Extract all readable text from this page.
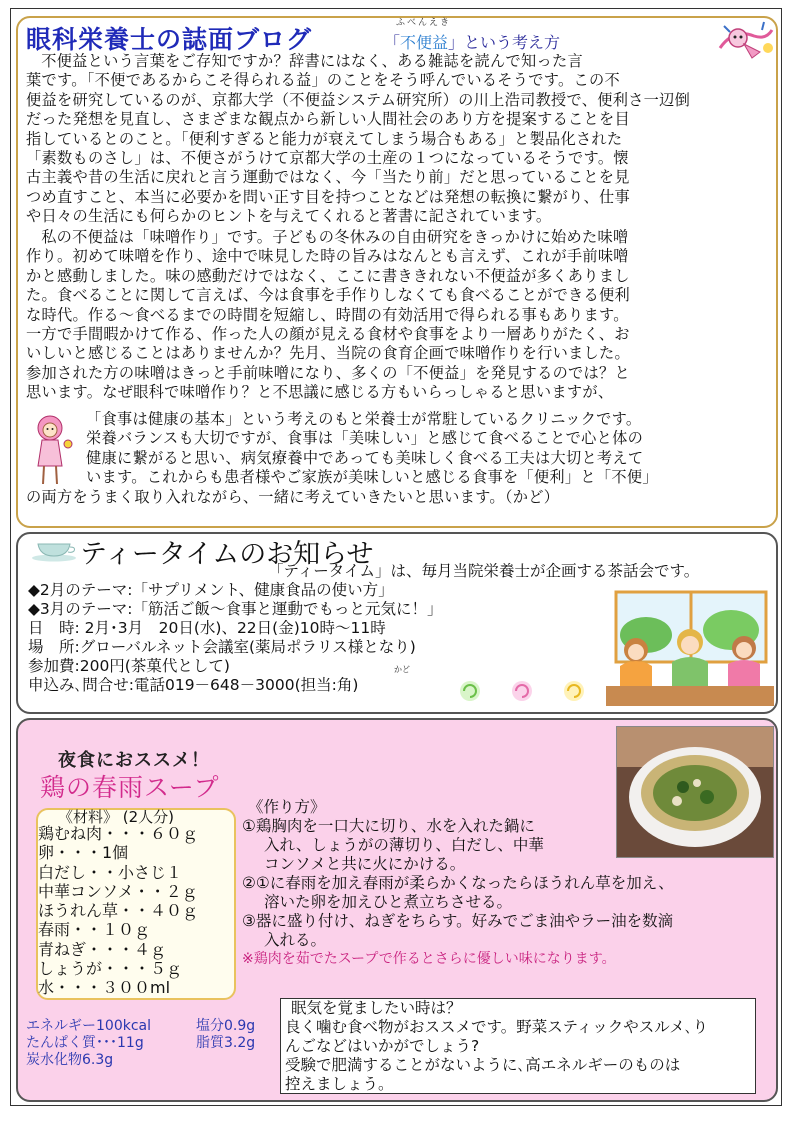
眼科栄養士の誌面ブログ
ふべんえき
「不便益」という考え方

不便益という言葉をご存知ですか？辞書にはなく、ある雑誌を読んで知った言

葉です。「不便であるからこそ得られる益」のことをそう呼んでいるそうです。この不
便益を研究しているのが、京都大学（不便益システム研究所）の川上浩司教授で、便利さ一辺倒
だった発想を見直し、さまざまな観点から新しい人間社会のあり方を提案することを目
指しているとのこと。「便利すぎると能力が衰えてしまう場合もある」と製品化された
「素数ものさし」は、不便さがうけて京都大学の土産の１つになっているそうです。懐
古主義や昔の生活に戻れと言う運動ではなく、今「当たり前」だと思っていることを見
つめ直すこと、本当に必要かを問い正す目を持つことなどは発想の転換に繋がり、仕事
や日々の生活にも何らかのヒントを与えてくれると著書に記されています。

私の不便益は「味噌作り」です。子どもの冬休みの自由研究をきっかけに始めた味噌

作り。初めて味噌を作り、途中で味見した時の旨みはなんとも言えず、これが手前味噌
かと感動しました。味の感動だけではなく、ここに書ききれない不便益が多くありまし
た。食べることに関して言えば、今は食事を手作りしなくても食べることができる便利
な時代。作る～食べるまでの時間を短縮し、時間の有効活用で得られる事もあります。
一方で手間暇かけて作る、作った人の顔が見える食材や食事をより一層ありがたく、お
いしいと感じることはありませんか？先月、当院の食育企画で味噌作りを行いました。
参加された方の味噌はきっと手前味噌になり、多くの「不便益」を発見するのでは？と
思います。なぜ眼科で味噌作り？と不思議に感じる方もいらっしゃると思いますが、
「食事は健康の基本」という考えのもと栄養士が常駐しているクリニックです。
栄養バランスも大切ですが、食事は「美味しい」と感じて食べることで心と体の
健康に繋がると思い、病気療養中であっても美味しく食べる工夫は大切と考えて
います。これからも患者様やご家族が美味しいと感じる食事を「便利」と「不便」
の両方をうまく取り入れながら、一緒に考えていきたいと思います。（かど）
ティータイムのお知らせ
「ティータイム」は、毎月当院栄養士が企画する茶話会です。
◆2月のテーマ:「サプリメント、健康食品の使い方」
◆3月のテーマ:「筋活ご飯～食事と運動でもっと元気に！」
日　時: 2月･3月　20日(水)、22日(金)10時～11時
場　所:グローバルネット会議室(薬局ポラリス様となり)
参加費:200円(茶菓代として)
申込み､問合せ:電話019－648－3000(担当:角)
かど
夜食におススメ！
鶏の春雨スープ
《材料》 (2人分)
鶏むね肉・・・６０ｇ
卵・・・1個
白だし・・小さじ１
中華コンソメ・・２ｇ
ほうれん草・・４０ｇ
春雨・・１０ｇ
青ねぎ・・・４ｇ
しょうが・・・５ｇ
水・・・３００ml
《作り方》
①鶏胸肉を一口大に切り、水を入れた鍋に
入れ、しょうがの薄切り、白だし、中華
コンソメと共に火にかける。
②①に春雨を加え春雨が柔らかくなったらほうれん草を加え、
溶いた卵を加えひと煮立ちさせる。
③器に盛り付け、ねぎをちらす。好みでごま油やラー油を数滴
入れる。
※鶏肉を茹でたスープで作るとさらに優しい味になります。
エネルギー100kcal	塩分0.9g
たんぱく質･･･11g	脂質3.2g
炭水化物6.3g
眠気を覚ましたい時は？
良く噛む食べ物がおススメです。野菜スティックやスルメ､り
んごなどはいかがでしょう?
受験で肥満することがないように､高エネルギーのものは
控えましょう。
